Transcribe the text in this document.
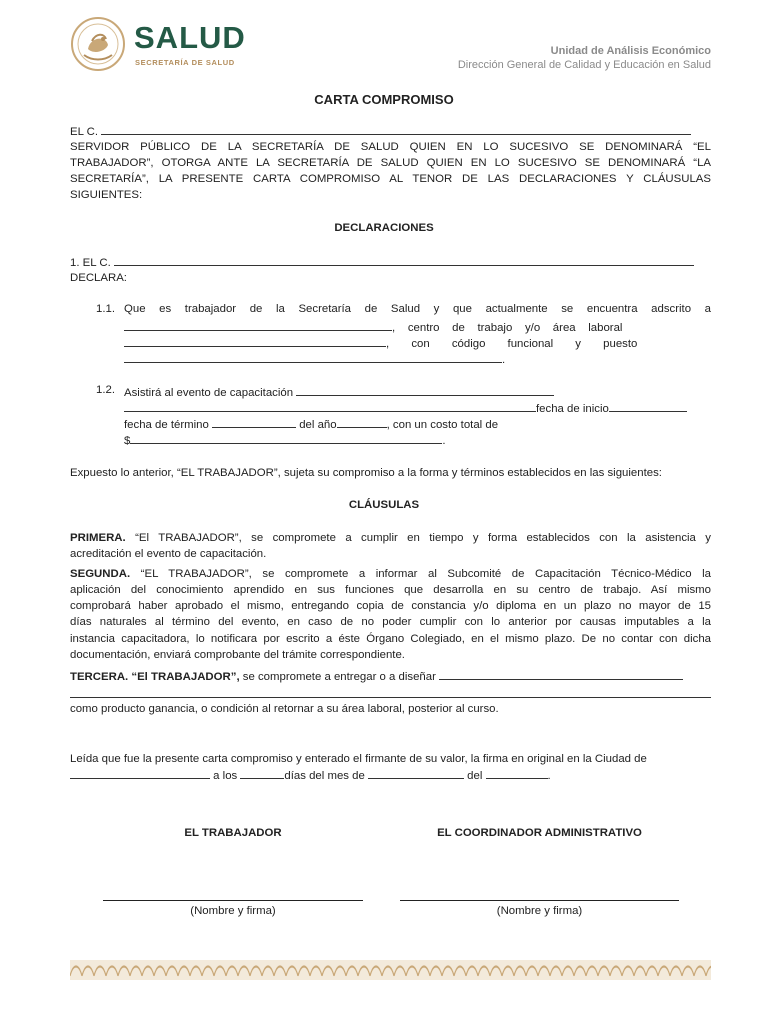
SALUD
SECRETARÍA DE SALUD
Unidad de Análisis Económico
Dirección General de Calidad y Educación en Salud
CARTA COMPROMISO
EL C.
SERVIDOR PÚBLICO DE LA SECRETARÍA DE SALUD QUIEN EN LO SUCESIVO SE DENOMINARÁ “EL
TRABAJADOR”, OTORGA ANTE LA SECRETARÍA DE SALUD QUIEN EN LO SUCESIVO SE DENOMINARÁ “LA
SECRETARÍA”, LA PRESENTE CARTA COMPROMISO AL TENOR DE LAS DECLARACIONES Y CLÁUSULAS
SIGUIENTES:
DECLARACIONES
1. EL C.
DECLARA:
1.1. Que es trabajador de la Secretaría de Salud y que actualmente se encuentra adscrito a
,    centro    de    trabajo    y/o    área    laboral
,       con       código       funcional       y       puesto
.
1.2. Asistirá al evento de capacitación
fecha de inicio
fecha de término	del año	, con un costo total de
$	.
Expuesto lo anterior, “EL TRABAJADOR”, sujeta su compromiso a la forma y términos establecidos en las siguientes:
CLÁUSULAS
PRIMERA. “El TRABAJADOR”, se compromete a cumplir en tiempo y forma establecidos con la asistencia y
acreditación el evento de capacitación.
SEGUNDA. “EL TRABAJADOR”, se compromete a informar al Subcomité de Capacitación Técnico-Médico la
aplicación del conocimiento aprendido en sus funciones que desarrolla en su centro de trabajo. Así mismo
comprobará haber aprobado el mismo, entregando copia de constancia y/o diploma en un plazo no mayor de 15
días naturales al término del evento, en caso de no poder cumplir con lo anterior por causas imputables a la
instancia capacitadora, lo notificara por escrito a éste Órgano Colegiado, en el mismo plazo. De no contar con dicha
documentación, enviará comprobante del trámite correspondiente.
TERCERA. “El TRABAJADOR”, se compromete a entregar o a diseñar
como producto ganancia, o condición al retornar a su área laboral, posterior al curso.
Leída que fue la presente carta compromiso y enterado el firmante de su valor, la firma en original en la Ciudad de
a los	días del mes de	del	.
EL TRABAJADOR	EL COORDINADOR ADMINISTRATIVO
(Nombre y firma)	(Nombre y firma)
